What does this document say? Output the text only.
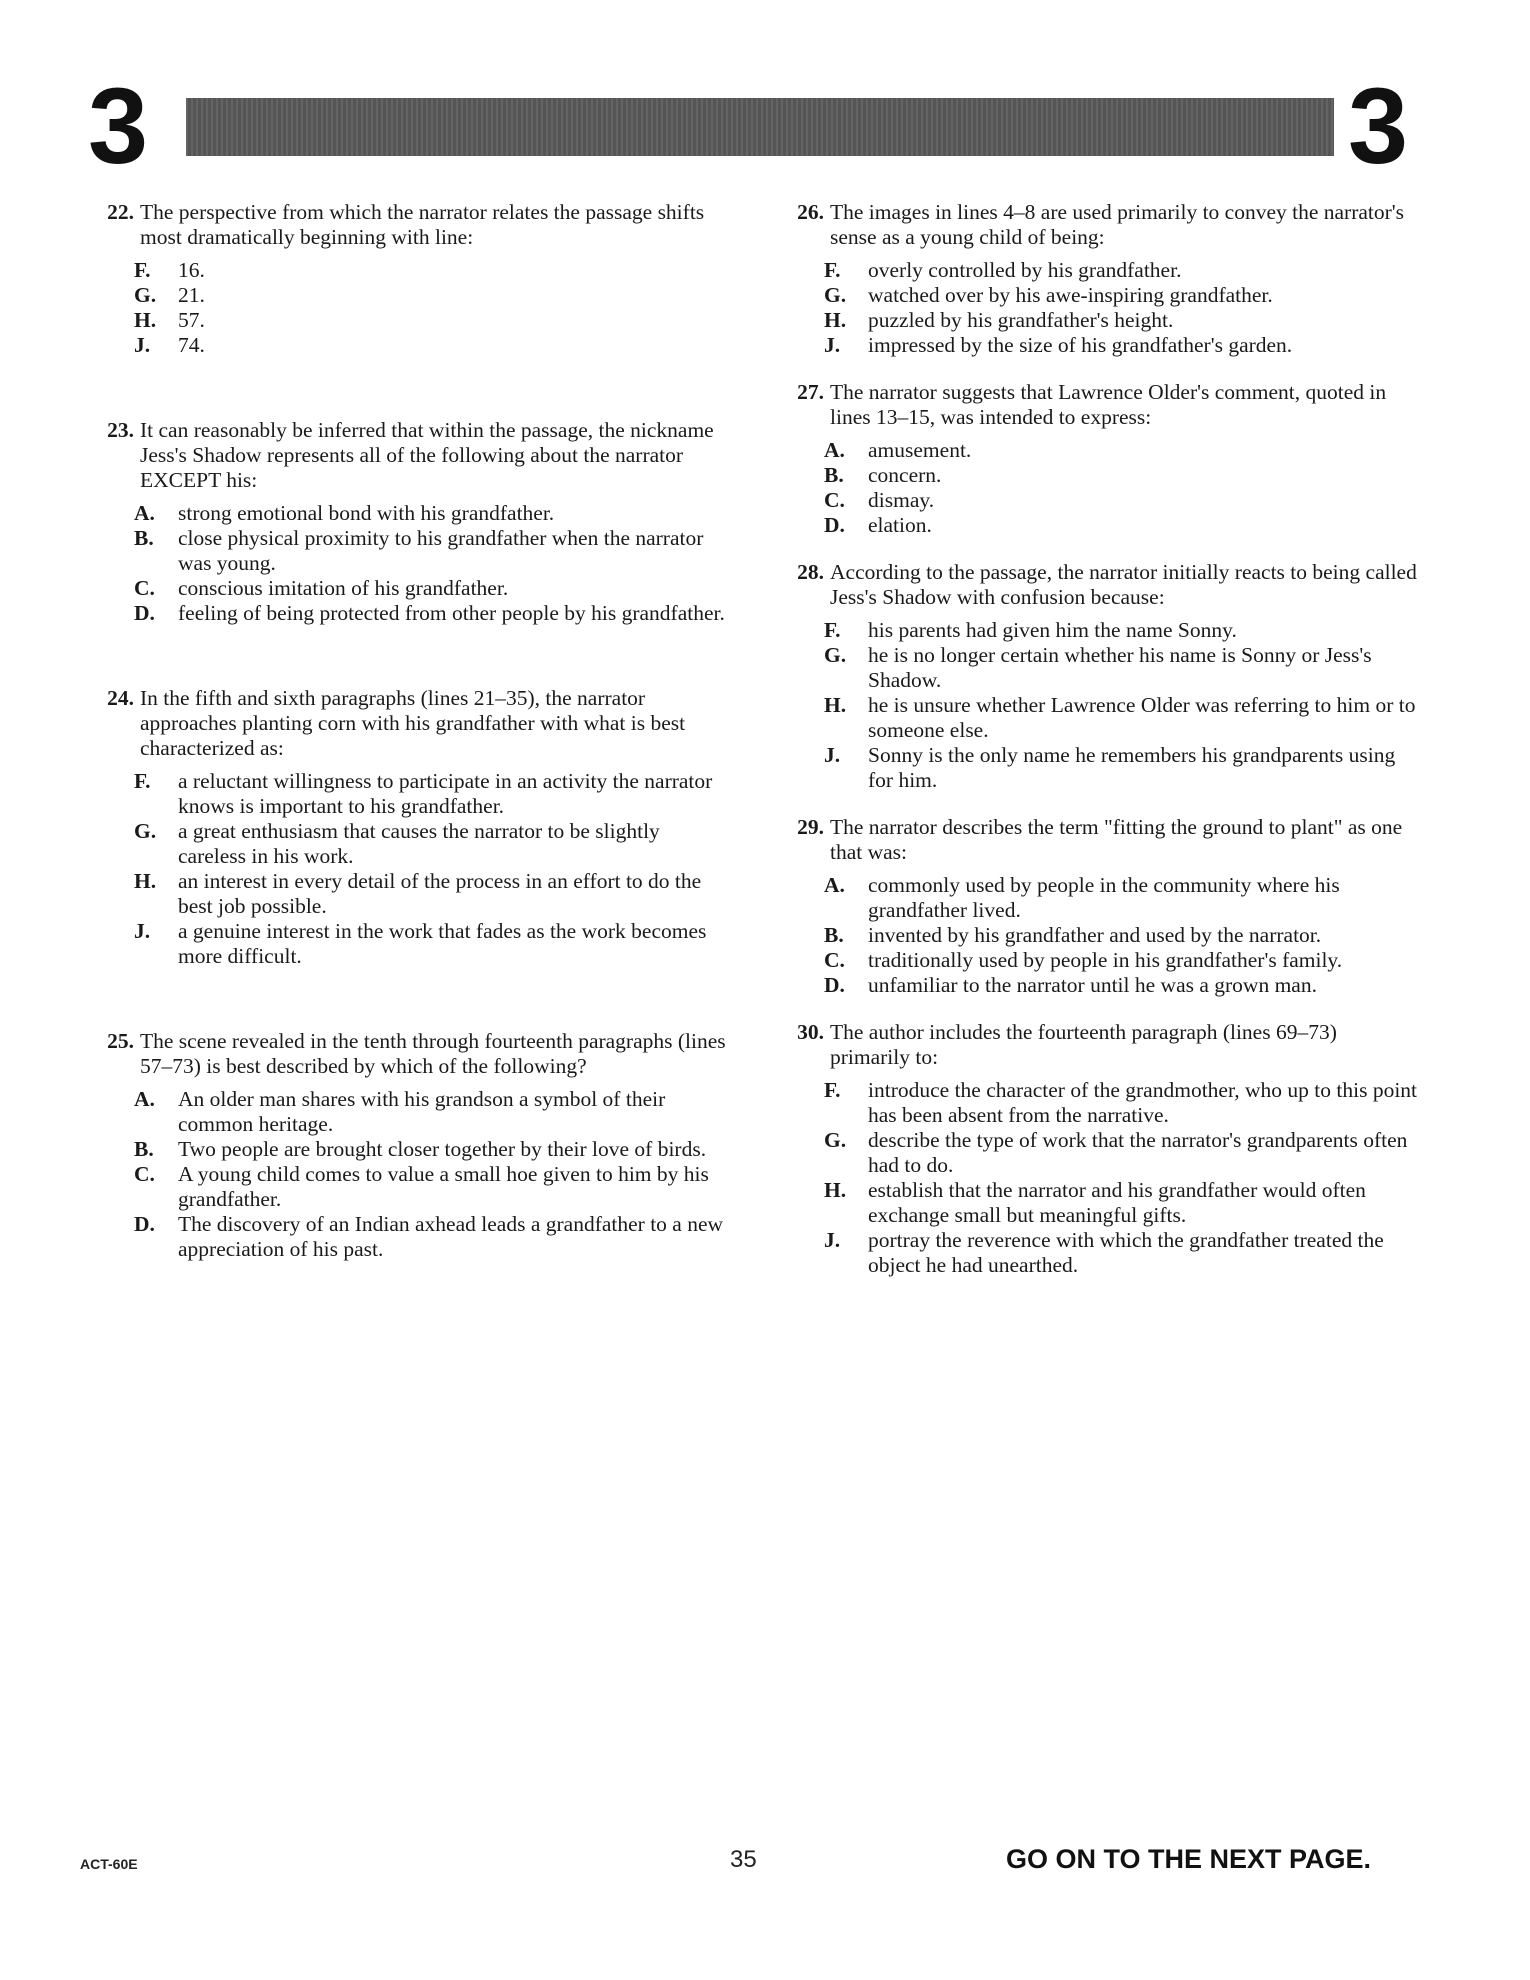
3	3
22. The perspective from which the narrator relates the passage shifts most dramatically beginning with line:
F.	16.
G.	21.
H.	57.
J.	74.
23. It can reasonably be inferred that within the passage, the nickname Jess's Shadow represents all of the following about the narrator EXCEPT his:
A.	strong emotional bond with his grandfather.
B.	close physical proximity to his grandfather when the narrator was young.
C.	conscious imitation of his grandfather.
D.	feeling of being protected from other people by his grandfather.
24. In the fifth and sixth paragraphs (lines 21–35), the narrator approaches planting corn with his grandfather with what is best characterized as:
F.	a reluctant willingness to participate in an activity the narrator knows is important to his grandfather.
G.	a great enthusiasm that causes the narrator to be slightly careless in his work.
H.	an interest in every detail of the process in an effort to do the best job possible.
J.	a genuine interest in the work that fades as the work becomes more difficult.
25. The scene revealed in the tenth through fourteenth paragraphs (lines 57–73) is best described by which of the following?
A.	An older man shares with his grandson a symbol of their common heritage.
B.	Two people are brought closer together by their love of birds.
C.	A young child comes to value a small hoe given to him by his grandfather.
D.	The discovery of an Indian axhead leads a grandfather to a new appreciation of his past.
26. The images in lines 4–8 are used primarily to convey the narrator's sense as a young child of being:
F.	overly controlled by his grandfather.
G.	watched over by his awe-inspiring grandfather.
H.	puzzled by his grandfather's height.
J.	impressed by the size of his grandfather's garden.
27. The narrator suggests that Lawrence Older's comment, quoted in lines 13–15, was intended to express:
A.	amusement.
B.	concern.
C.	dismay.
D.	elation.
28. According to the passage, the narrator initially reacts to being called Jess's Shadow with confusion because:
F.	his parents had given him the name Sonny.
G.	he is no longer certain whether his name is Sonny or Jess's Shadow.
H.	he is unsure whether Lawrence Older was referring to him or to someone else.
J.	Sonny is the only name he remembers his grandparents using for him.
29. The narrator describes the term "fitting the ground to plant" as one that was:
A.	commonly used by people in the community where his grandfather lived.
B.	invented by his grandfather and used by the narrator.
C.	traditionally used by people in his grandfather's family.
D.	unfamiliar to the narrator until he was a grown man.
30. The author includes the fourteenth paragraph (lines 69–73) primarily to:
F.	introduce the character of the grandmother, who up to this point has been absent from the narrative.
G.	describe the type of work that the narrator's grandparents often had to do.
H.	establish that the narrator and his grandfather would often exchange small but meaningful gifts.
J.	portray the reverence with which the grandfather treated the object he had unearthed.
ACT-60E	35	GO ON TO THE NEXT PAGE.
